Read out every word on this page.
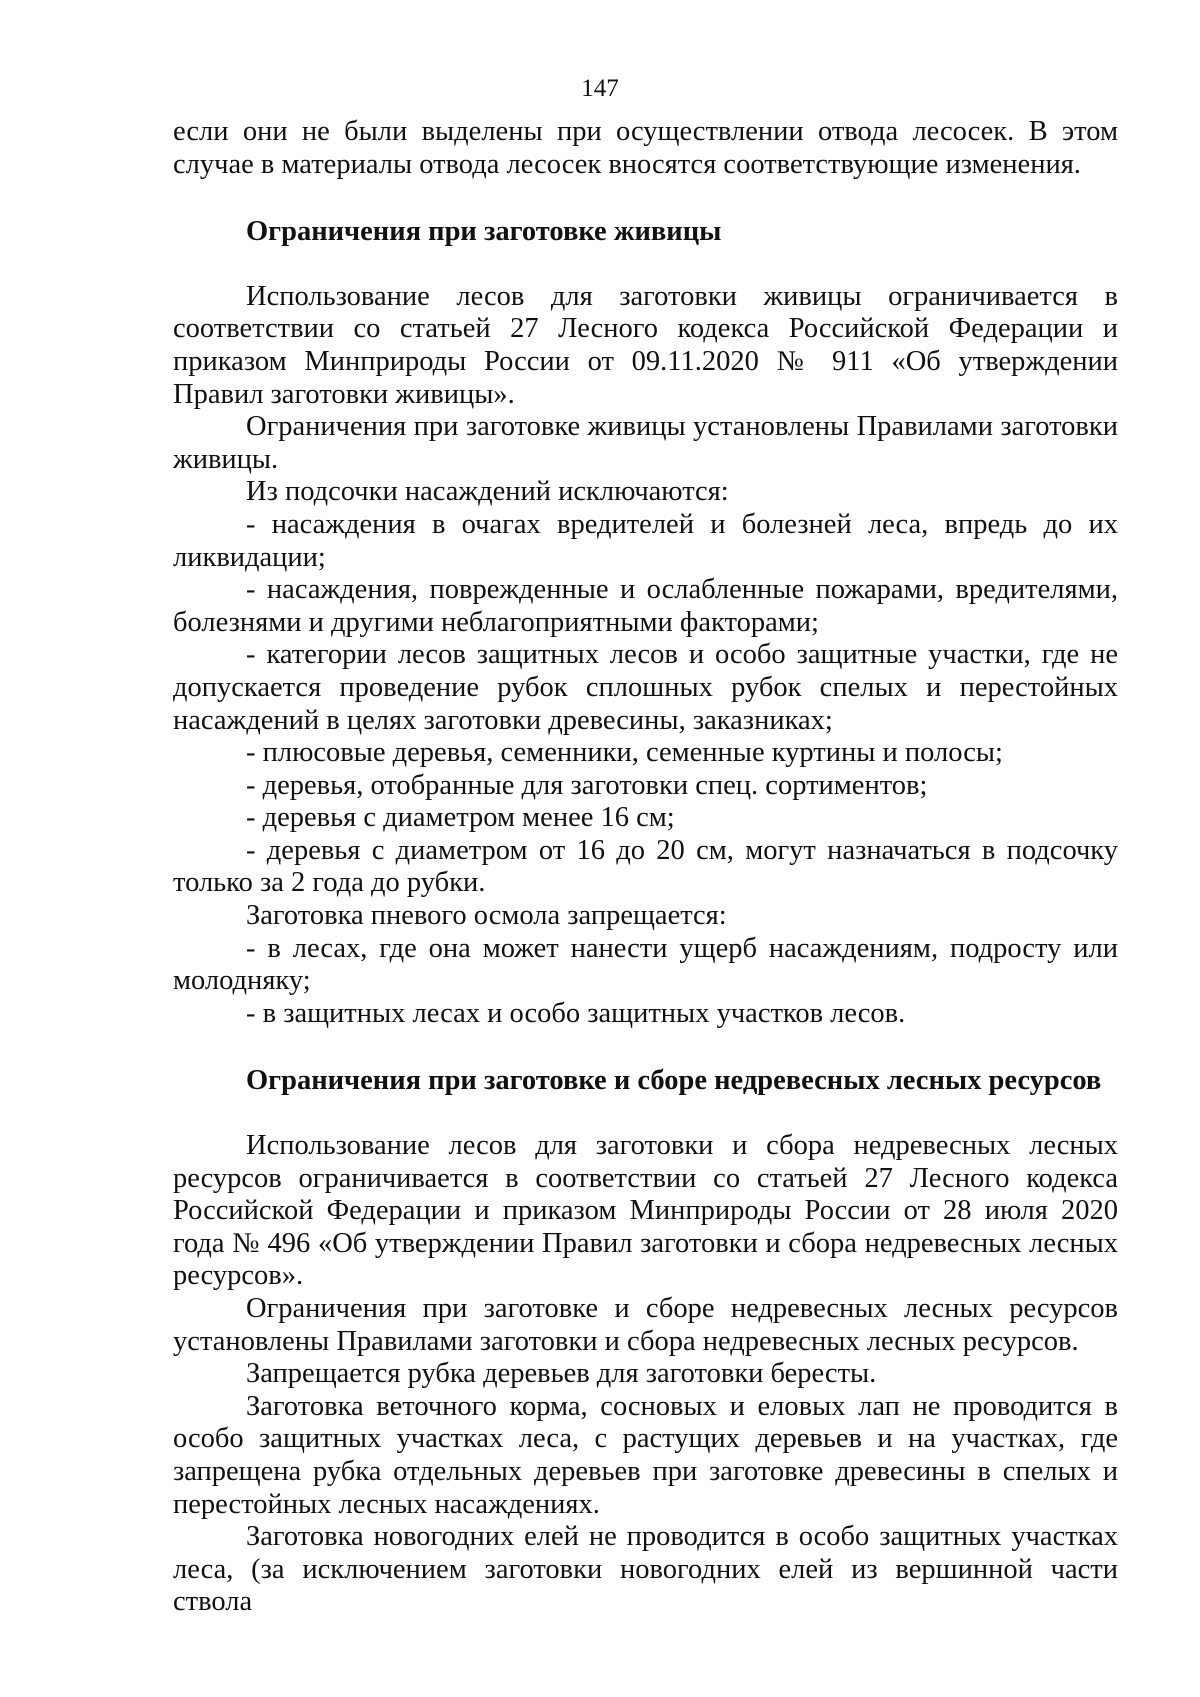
147

если они не были выделены при осуществлении отвода лесосек. В этом случае в материалы отвода лесосек вносятся соответствующие изменения.

Ограничения при заготовке живицы

Использование лесов для заготовки живицы ограничивается в соответствии со статьей 27 Лесного кодекса Российской Федерации и приказом Минприроды России от 09.11.2020 № 911 «Об утверждении Правил заготовки живицы».

Ограничения при заготовке живицы установлены Правилами заготовки живицы.

Из подсочки насаждений исключаются:

- насаждения в очагах вредителей и болезней леса, впредь до их ликвидации;

- насаждения, поврежденные и ослабленные пожарами, вредителями, болезнями и другими неблагоприятными факторами;

- категории лесов защитных лесов и особо защитные участки, где не допускается проведение рубок сплошных рубок спелых и перестойных насаждений в целях заготовки древесины, заказниках;

- плюсовые деревья, семенники, семенные куртины и полосы;

- деревья, отобранные для заготовки спец. сортиментов;

- деревья с диаметром менее 16 см;

- деревья с диаметром от 16 до 20 см, могут назначаться в подсочку только за 2 года до рубки.

Заготовка пневого осмола запрещается:

- в лесах, где она может нанести ущерб насаждениям, подросту или молодняку;

- в защитных лесах и особо защитных участков лесов.

Ограничения при заготовке и сборе недревесных лесных ресурсов

Использование лесов для заготовки и сбора недревесных лесных ресурсов ограничивается в соответствии со статьей 27 Лесного кодекса Российской Федерации и приказом Минприроды России от 28 июля 2020 года № 496 «Об утверждении Правил заготовки и сбора недревесных лесных ресурсов».

Ограничения при заготовке и сборе недревесных лесных ресурсов установлены Правилами заготовки и сбора недревесных лесных ресурсов.

Запрещается рубка деревьев для заготовки бересты.

Заготовка веточного корма, сосновых и еловых лап не проводится в особо защитных участках леса, с растущих деревьев и на участках, где запрещена рубка отдельных деревьев при заготовке древесины в спелых и перестойных лесных насаждениях.

Заготовка новогодних елей не проводится в особо защитных участках леса, (за исключением заготовки новогодних елей из вершинной части ствола
